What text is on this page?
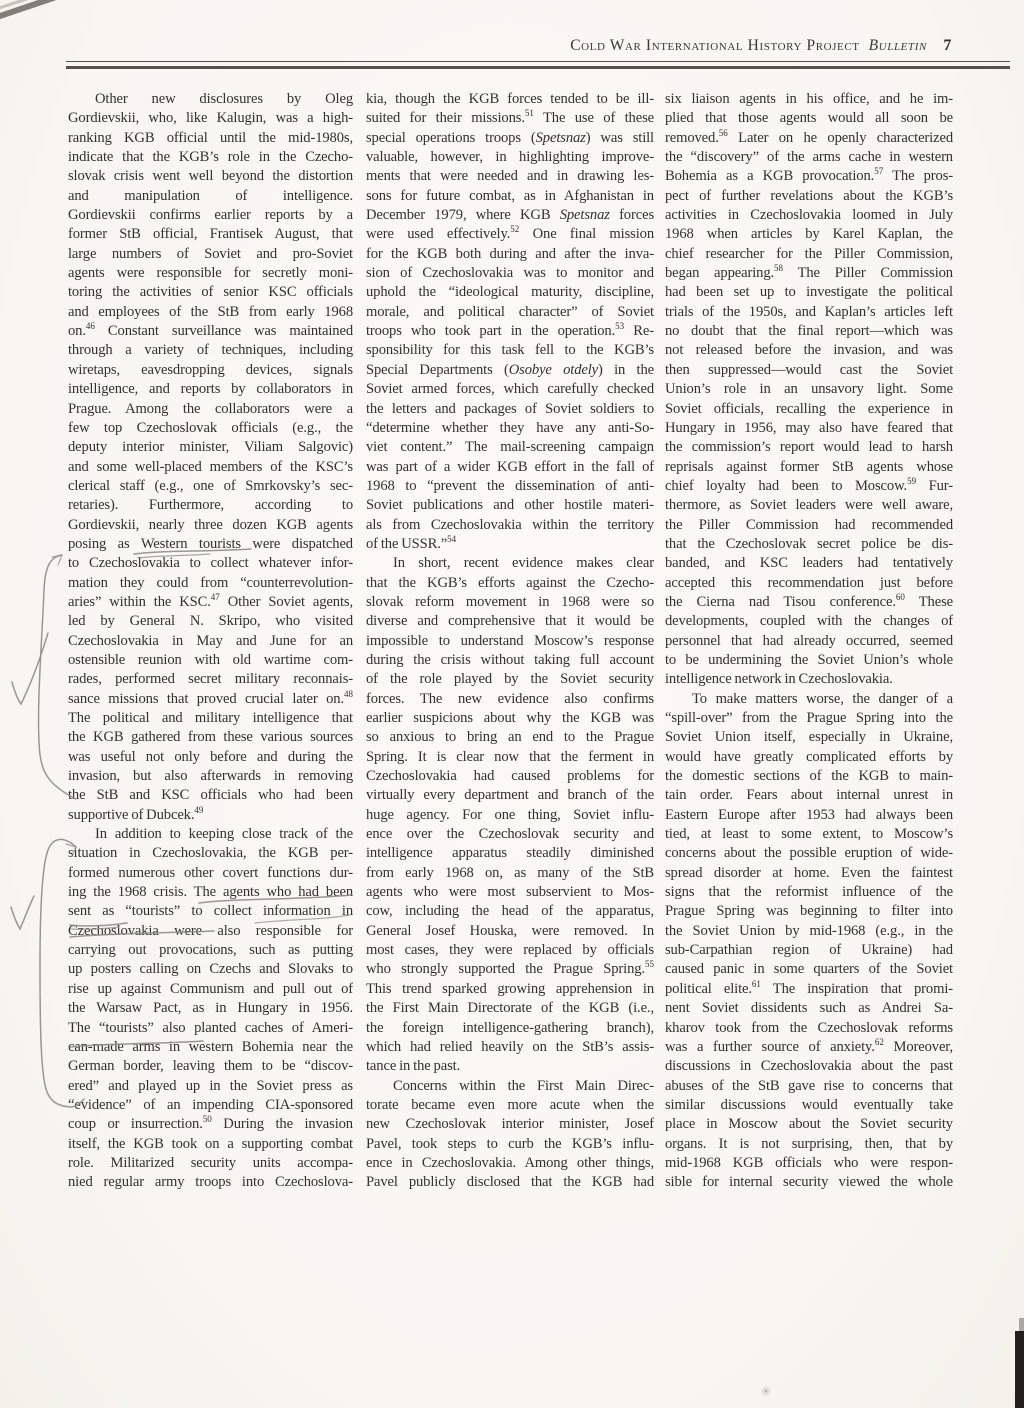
Cold War International History Project Bulletin 7
Other new disclosures by Oleg
Gordievskii, who, like Kalugin, was a high-
ranking KGB official until the mid-1980s,
indicate that the KGB’s role in the Czecho-
slovak crisis went well beyond the distortion
and manipulation of intelligence.
Gordievskii confirms earlier reports by a
former StB official, Frantisek August, that
large numbers of Soviet and pro-Soviet
agents were responsible for secretly moni-
toring the activities of senior KSC officials
and employees of the StB from early 1968
on.$^{46}$ Constant surveillance was maintained
through a variety of techniques, including
wiretaps, eavesdropping devices, signals
intelligence, and reports by collaborators in
Prague. Among the collaborators were a
few top Czechoslovak officials (e.g., the
deputy interior minister, Viliam Salgovic)
and some well-placed members of the KSC’s
clerical staff (e.g., one of Smrkovsky’s sec-
retaries). Furthermore, according to
Gordievskii, nearly three dozen KGB agents
posing as Western tourists were dispatched
to Czechoslovakia to collect whatever infor-
mation they could from “counterrevolution-
aries” within the KSC.$^{47}$ Other Soviet agents,
led by General N. Skripo, who visited
Czechoslovakia in May and June for an
ostensible reunion with old wartime com-
rades, performed secret military reconnais-
sance missions that proved crucial later on.$^{48}$
The political and military intelligence that
the KGB gathered from these various sources
was useful not only before and during the
invasion, but also afterwards in removing
the StB and KSC officials who had been
supportive of Dubcek.$^{49}$
In addition to keeping close track of the
situation in Czechoslovakia, the KGB per-
formed numerous other covert functions dur-
ing the 1968 crisis. The agents who had been
sent as “tourists” to collect information in
Czechoslovakia were also responsible for
carrying out provocations, such as putting
up posters calling on Czechs and Slovaks to
rise up against Communism and pull out of
the Warsaw Pact, as in Hungary in 1956.
The “tourists” also planted caches of Ameri-
can-made arms in western Bohemia near the
German border, leaving them to be “discov-
ered” and played up in the Soviet press as
“evidence” of an impending CIA-sponsored
coup or insurrection.$^{50}$ During the invasion
itself, the KGB took on a supporting combat
role. Militarized security units accompa-
nied regular army troops into Czechoslova-
kia, though the KGB forces tended to be ill-
suited for their missions.$^{51}$ The use of these
special operations troops (Spetsnaz) was still
valuable, however, in highlighting improve-
ments that were needed and in drawing les-
sons for future combat, as in Afghanistan in
December 1979, where KGB Spetsnaz forces
were used effectively.$^{52}$ One final mission
for the KGB both during and after the inva-
sion of Czechoslovakia was to monitor and
uphold the “ideological maturity, discipline,
morale, and political character” of Soviet
troops who took part in the operation.$^{53}$ Re-
sponsibility for this task fell to the KGB’s
Special Departments (Osobye otdely) in the
Soviet armed forces, which carefully checked
the letters and packages of Soviet soldiers to
“determine whether they have any anti-So-
viet content.” The mail-screening campaign
was part of a wider KGB effort in the fall of
1968 to “prevent the dissemination of anti-
Soviet publications and other hostile materi-
als from Czechoslovakia within the territory
of the USSR.”$^{54}$
In short, recent evidence makes clear
that the KGB’s efforts against the Czecho-
slovak reform movement in 1968 were so
diverse and comprehensive that it would be
impossible to understand Moscow’s response
during the crisis without taking full account
of the role played by the Soviet security
forces. The new evidence also confirms
earlier suspicions about why the KGB was
so anxious to bring an end to the Prague
Spring. It is clear now that the ferment in
Czechoslovakia had caused problems for
virtually every department and branch of the
huge agency. For one thing, Soviet influ-
ence over the Czechoslovak security and
intelligence apparatus steadily diminished
from early 1968 on, as many of the StB
agents who were most subservient to Mos-
cow, including the head of the apparatus,
General Josef Houska, were removed. In
most cases, they were replaced by officials
who strongly supported the Prague Spring.$^{55}$
This trend sparked growing apprehension in
the First Main Directorate of the KGB (i.e.,
the foreign intelligence-gathering branch),
which had relied heavily on the StB’s assis-
tance in the past.
Concerns within the First Main Direc-
torate became even more acute when the
new Czechoslovak interior minister, Josef
Pavel, took steps to curb the KGB’s influ-
ence in Czechoslovakia. Among other things,
Pavel publicly disclosed that the KGB had
six liaison agents in his office, and he im-
plied that those agents would all soon be
removed.$^{56}$ Later on he openly characterized
the “discovery” of the arms cache in western
Bohemia as a KGB provocation.$^{57}$ The pros-
pect of further revelations about the KGB’s
activities in Czechoslovakia loomed in July
1968 when articles by Karel Kaplan, the
chief researcher for the Piller Commission,
began appearing.$^{58}$ The Piller Commission
had been set up to investigate the political
trials of the 1950s, and Kaplan’s articles left
no doubt that the final report—which was
not released before the invasion, and was
then suppressed—would cast the Soviet
Union’s role in an unsavory light. Some
Soviet officials, recalling the experience in
Hungary in 1956, may also have feared that
the commission’s report would lead to harsh
reprisals against former StB agents whose
chief loyalty had been to Moscow.$^{59}$ Fur-
thermore, as Soviet leaders were well aware,
the Piller Commission had recommended
that the Czechoslovak secret police be dis-
banded, and KSC leaders had tentatively
accepted this recommendation just before
the Cierna nad Tisou conference.$^{60}$ These
developments, coupled with the changes of
personnel that had already occurred, seemed
to be undermining the Soviet Union’s whole
intelligence network in Czechoslovakia.
To make matters worse, the danger of a
“spill-over” from the Prague Spring into the
Soviet Union itself, especially in Ukraine,
would have greatly complicated efforts by
the domestic sections of the KGB to main-
tain order. Fears about internal unrest in
Eastern Europe after 1953 had always been
tied, at least to some extent, to Moscow’s
concerns about the possible eruption of wide-
spread disorder at home. Even the faintest
signs that the reformist influence of the
Prague Spring was beginning to filter into
the Soviet Union by mid-1968 (e.g., in the
sub-Carpathian region of Ukraine) had
caused panic in some quarters of the Soviet
political elite.$^{61}$ The inspiration that promi-
nent Soviet dissidents such as Andrei Sa-
kharov took from the Czechoslovak reforms
was a further source of anxiety.$^{62}$ Moreover,
discussions in Czechoslovakia about the past
abuses of the StB gave rise to concerns that
similar discussions would eventually take
place in Moscow about the Soviet security
organs. It is not surprising, then, that by
mid-1968 KGB officials who were respon-
sible for internal security viewed the whole
